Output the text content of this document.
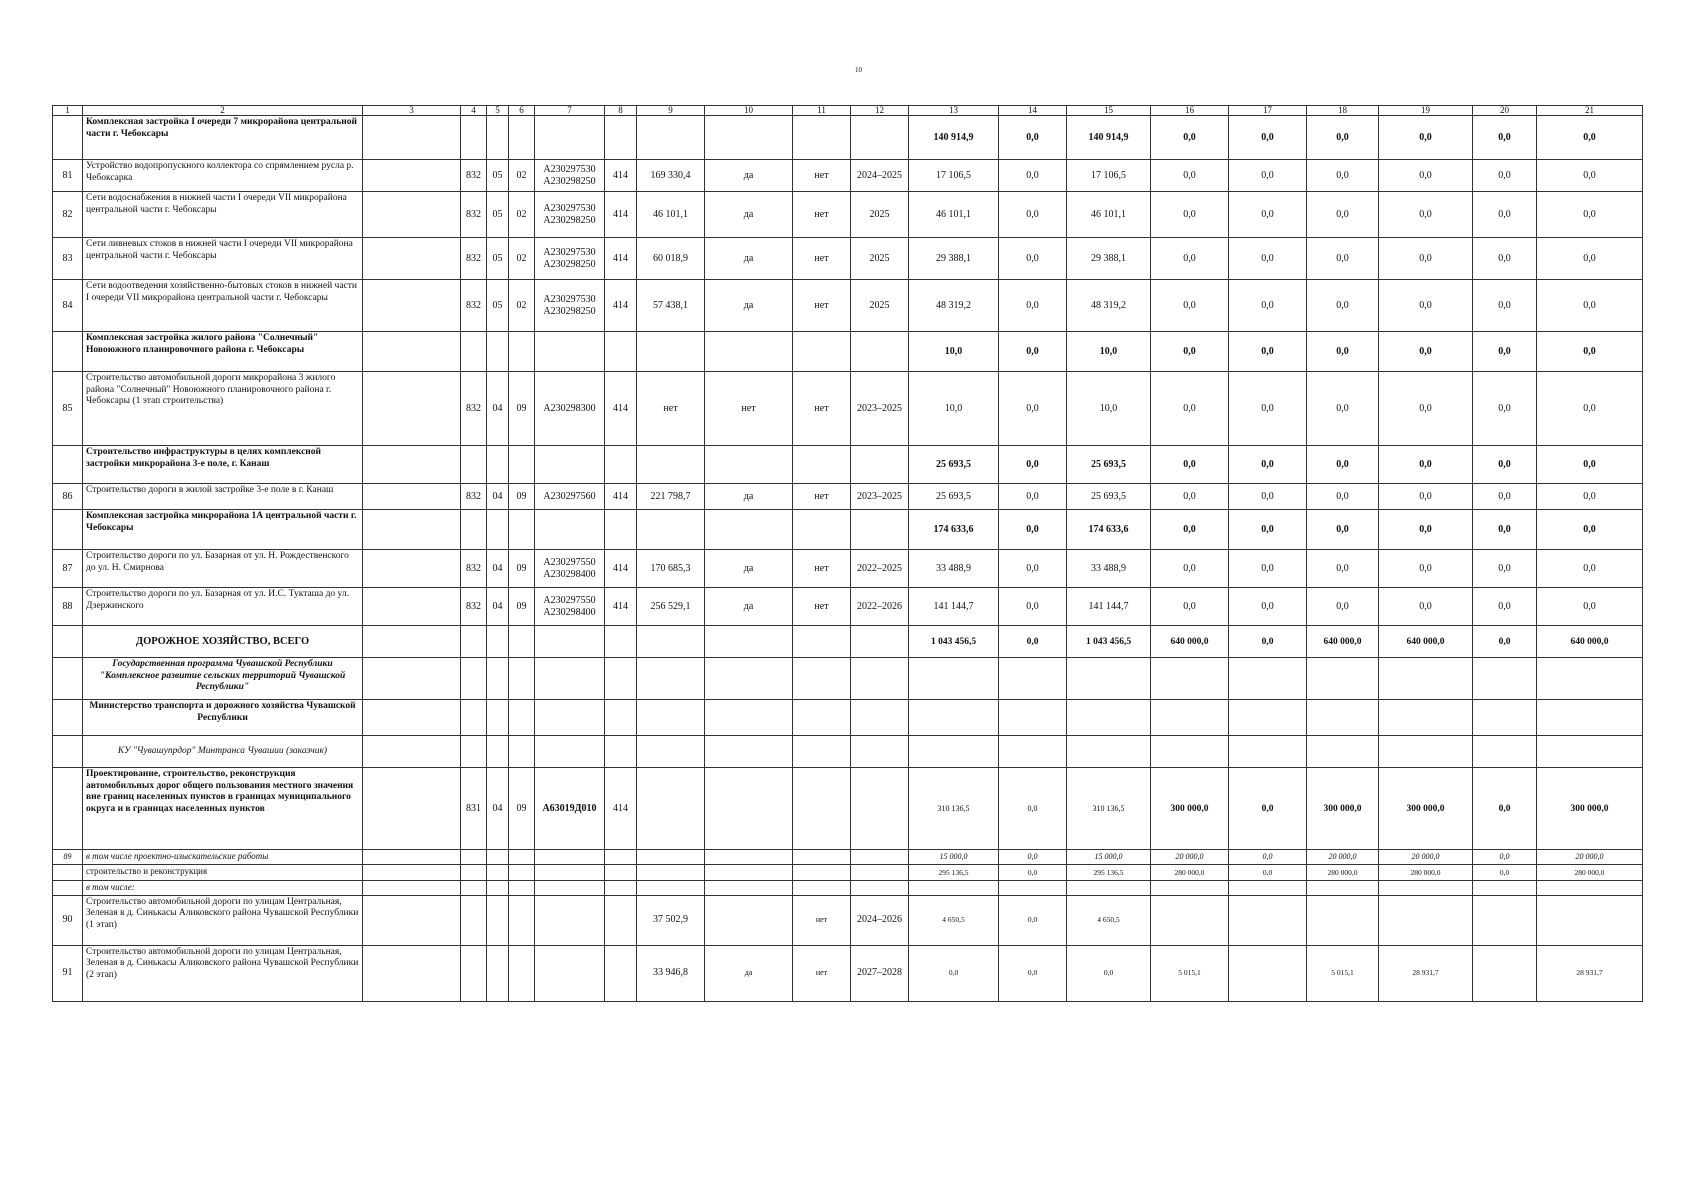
10
1	2	3	4	5	6	7	8	9	10	11	12	13	14	15	16	17	18	19	20	21
	Комплексная застройка I очереди 7 микрорайона центральной части г. Чебоксары											140 914,9	0,0	140 914,9	0,0	0,0	0,0	0,0	0,0	0,0
81	Устройство водопропускного коллектора со спрямлением русла р. Чебоксарка		832	05	02	А230297530 А230298250	414	169 330,4	да	нет	2024–2025	17 106,5	0,0	17 106,5	0,0	0,0	0,0	0,0	0,0	0,0
82	Сети водоснабжения в нижней части I очереди VII микрорайона центральной части г. Чебоксары		832	05	02	А230297530 А230298250	414	46 101,1	да	нет	2025	46 101,1	0,0	46 101,1	0,0	0,0	0,0	0,0	0,0	0,0
83	Сети ливневых стоков в нижней части I очереди VII микрорайона центральной части г. Чебоксары		832	05	02	А230297530 А230298250	414	60 018,9	да	нет	2025	29 388,1	0,0	29 388,1	0,0	0,0	0,0	0,0	0,0	0,0
84	Сети водоотведения хозяйственно-бытовых стоков в нижней части I очереди VII микрорайона центральной части г. Чебоксары		832	05	02	А230297530 А230298250	414	57 438,1	да	нет	2025	48 319,2	0,0	48 319,2	0,0	0,0	0,0	0,0	0,0	0,0
	Комплексная застройка жилого района "Солнечный" Новоюжного планировочного района г. Чебоксары											10,0	0,0	10,0	0,0	0,0	0,0	0,0	0,0	0,0
85	Строительство автомобильной дороги микрорайона 3 жилого района "Солнечный" Новоюжного планировочного района г. Чебоксары (1 этап строительства)		832	04	09	А230298300	414	нет	нет	нет	2023–2025	10,0	0,0	10,0	0,0	0,0	0,0	0,0	0,0	0,0
	Строительство инфраструктуры в целях комплексной застройки микрорайона 3-е поле, г. Канаш											25 693,5	0,0	25 693,5	0,0	0,0	0,0	0,0	0,0	0,0
86	Строительство дороги в жилой застройке 3-е поле в г. Канаш		832	04	09	А230297560	414	221 798,7	да	нет	2023–2025	25 693,5	0,0	25 693,5	0,0	0,0	0,0	0,0	0,0	0,0
	Комплексная застройка микрорайона 1А центральной части г. Чебоксары											174 633,6	0,0	174 633,6	0,0	0,0	0,0	0,0	0,0	0,0
87	Строительство дороги по ул. Базарная от ул. Н. Рождественского до ул. Н. Смирнова		832	04	09	А230297550 А230298400	414	170 685,3	да	нет	2022–2025	33 488,9	0,0	33 488,9	0,0	0,0	0,0	0,0	0,0	0,0
88	Строительство дороги по ул. Базарная от ул. И.С. Тукташа до ул. Дзержинского		832	04	09	А230297550 А230298400	414	256 529,1	да	нет	2022–2026	141 144,7	0,0	141 144,7	0,0	0,0	0,0	0,0	0,0	0,0
	ДОРОЖНОЕ ХОЗЯЙСТВО, ВСЕГО											1 043 456,5	0,0	1 043 456,5	640 000,0	0,0	640 000,0	640 000,0	0,0	640 000,0
	Государственная программа Чувашской Республики "Комплексное развитие сельских территорий Чувашской Республики"																			
	Министерство транспорта и дорожного хозяйства Чувашской Республики																			
	КУ "Чувашупрдор" Минтранса Чувашии (заказчик)																			
	Проектирование, строительство, реконструкция автомобильных дорог общего пользования местного значения вне границ населенных пунктов в границах муниципального округа и в границах населенных пунктов		831	04	09	А63019Д010	414					310 136,5	0,0	310 136,5	300 000,0	0,0	300 000,0	300 000,0	0,0	300 000,0
89	в том числе проектно-изыскательские работы											15 000,0	0,0	15 000,0	20 000,0	0,0	20 000,0	20 000,0	0,0	20 000,0
	строительство и реконструкция											295 136,5	0,0	295 136,5	280 000,0	0,0	280 000,0	280 000,0	0,0	280 000,0
	в том числе:																			
90	Строительство автомобильной дороги по улицам Центральная, Зеленая в д. Синькасы Аликовского района Чувашской Республики (1 этап)							37 502,9		нет	2024–2026	4 650,5	0,0	4 650,5						
91	Строительство автомобильной дороги по улицам Центральная, Зеленая в д. Синькасы Аликовского района Чувашской Республики (2 этап)							33 946,8	да	нет	2027–2028	0,0	0,0	0,0	5 015,1		5 015,1	28 931,7		28 931,7
